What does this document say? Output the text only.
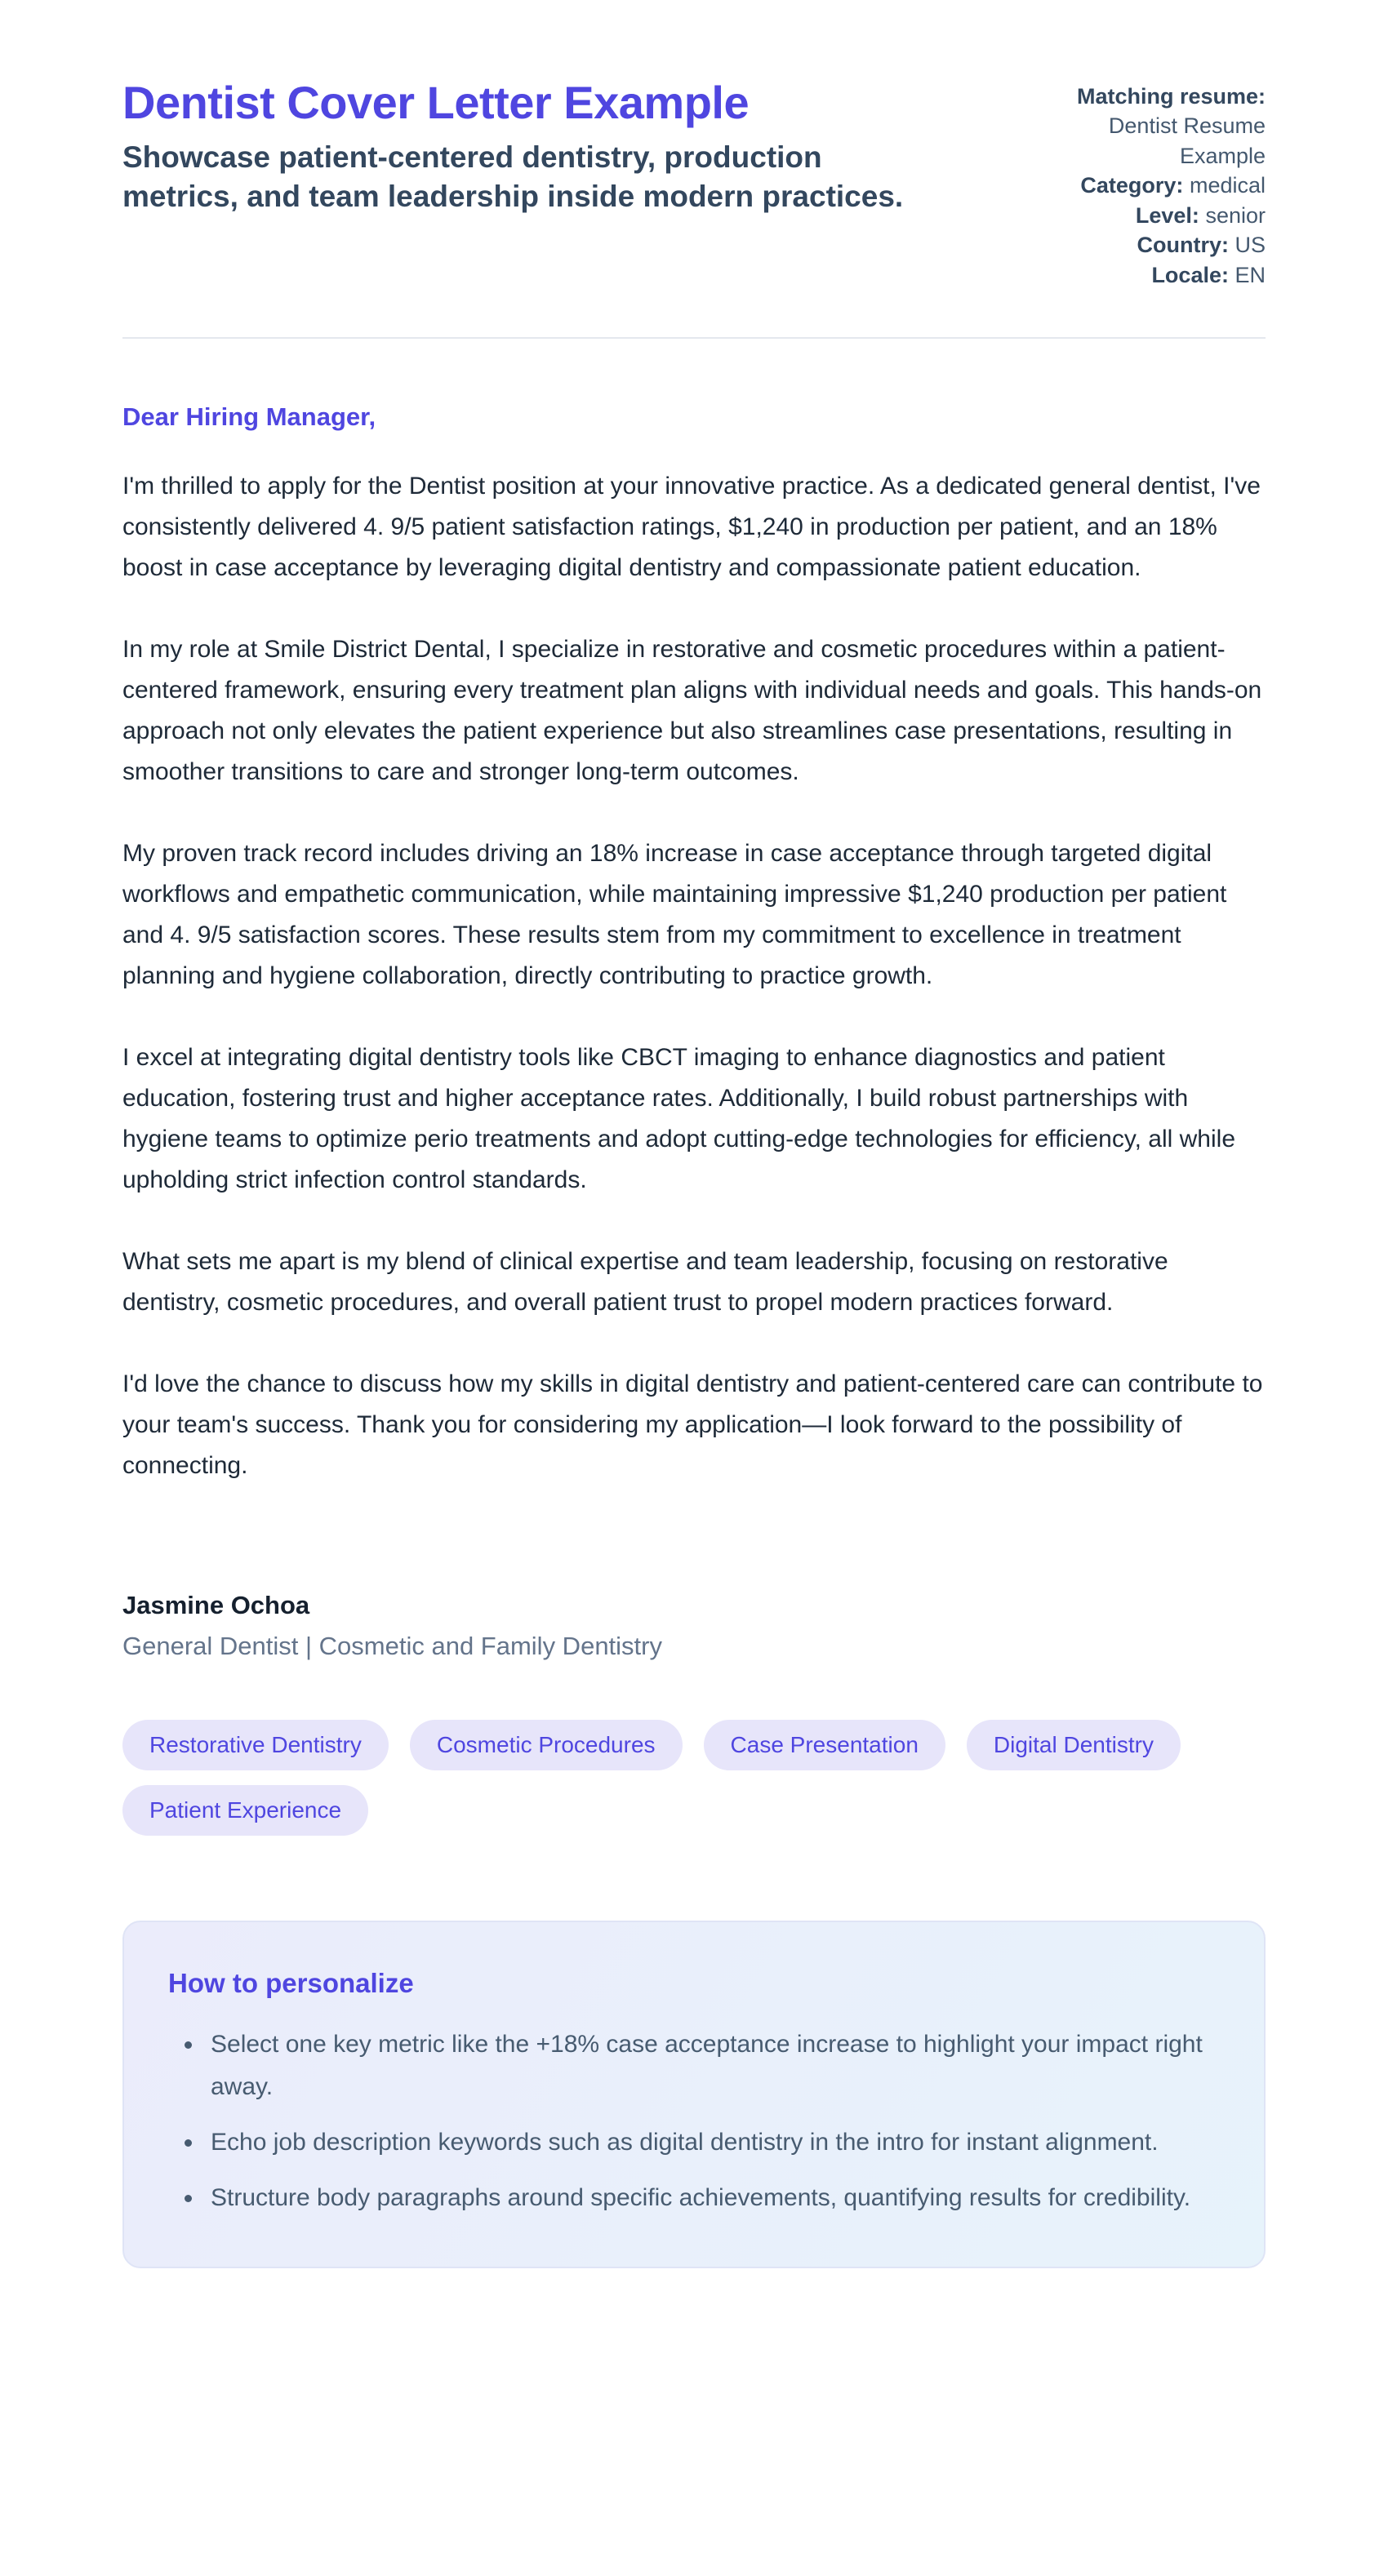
Dentist Cover Letter Example
Showcase patient-centered dentistry, production metrics, and team leadership inside modern practices.
Matching resume: Dentist Resume Example
Category: medical
Level: senior
Country: US
Locale: EN
Dear Hiring Manager,

I'm thrilled to apply for the Dentist position at your innovative practice. As a dedicated general dentist, I've consistently delivered 4. 9/5 patient satisfaction ratings, $1,240 in production per patient, and an 18% boost in case acceptance by leveraging digital dentistry and compassionate patient education.

In my role at Smile District Dental, I specialize in restorative and cosmetic procedures within a patient-centered framework, ensuring every treatment plan aligns with individual needs and goals. This hands-on approach not only elevates the patient experience but also streamlines case presentations, resulting in smoother transitions to care and stronger long-term outcomes.

My proven track record includes driving an 18% increase in case acceptance through targeted digital workflows and empathetic communication, while maintaining impressive $1,240 production per patient and 4. 9/5 satisfaction scores. These results stem from my commitment to excellence in treatment planning and hygiene collaboration, directly contributing to practice growth.

I excel at integrating digital dentistry tools like CBCT imaging to enhance diagnostics and patient education, fostering trust and higher acceptance rates. Additionally, I build robust partnerships with hygiene teams to optimize perio treatments and adopt cutting-edge technologies for efficiency, all while upholding strict infection control standards.

What sets me apart is my blend of clinical expertise and team leadership, focusing on restorative dentistry, cosmetic procedures, and overall patient trust to propel modern practices forward.

I'd love the chance to discuss how my skills in digital dentistry and patient-centered care can contribute to your team's success. Thank you for considering my application—I look forward to the possibility of connecting.

Jasmine Ochoa
General Dentist | Cosmetic and Family Dentistry
Restorative Dentistry	Cosmetic Procedures	Case Presentation	Digital Dentistry
Patient Experience
How to personalize
• Select one key metric like the +18% case acceptance increase to highlight your impact right away.
• Echo job description keywords such as digital dentistry in the intro for instant alignment.
• Structure body paragraphs around specific achievements, quantifying results for credibility.
